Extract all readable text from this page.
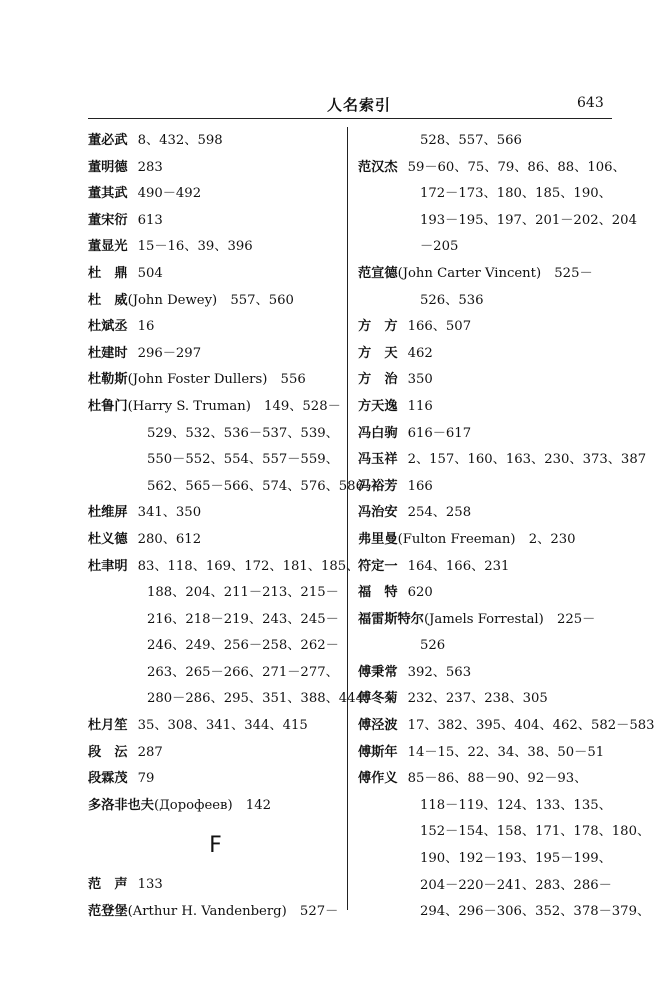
人名索引	643
董必武 8、432、598
董明德 283
董其武 490－492
董宋衍 613
董显光 15－16、39、396
杜　鼎 504
杜　威(John Dewey)　557、560
杜斌丞 16
杜建时 296－297
杜勒斯(John Foster Dullers)　556
杜鲁门(Harry S. Truman)　149、528－
529、532、536－537、539、
550－552、554、557－559、
562、565－566、574、576、586
杜维屏 341、350
杜义德 280、612
杜聿明 83、118、169、172、181、185、
188、204、211－213、215－
216、218－219、243、245－
246、249、256－258、262－
263、265－266、271－277、
280－286、295、351、388、444
杜月笙 35、308、341、344、415
段　沄 287
段霖茂 79
多洛非也夫(Дорофеев)　142
F
范　声 133
范登堡(Arthur H. Vandenberg)　527－
528、557、566
范汉杰 59－60、75、79、86、88、106、
172－173、180、185、190、
193－195、197、201－202、204
－205
范宣德(John Carter Vincent)　525－
526、536
方　方 166、507
方　天 462
方　治 350
方天逸 116
冯白驹 616－617
冯玉祥 2、157、160、163、230、373、387
冯裕芳 166
冯治安 254、258
弗里曼(Fulton Freeman)　2、230
符定一 164、166、231
福　特 620
福雷斯特尔(Jamels Forrestal)　225－
526
傅秉常 392、563
傅冬菊 232、237、238、305
傅泾波 17、382、395、404、462、582－583
傅斯年 14－15、22、34、38、50－51
傅作义 85－86、88－90、92－93、
118－119、124、133、135、
152－154、158、171、178、180、
190、192－193、195－199、
204－220－241、283、286－
294、296－306、352、378－379、
